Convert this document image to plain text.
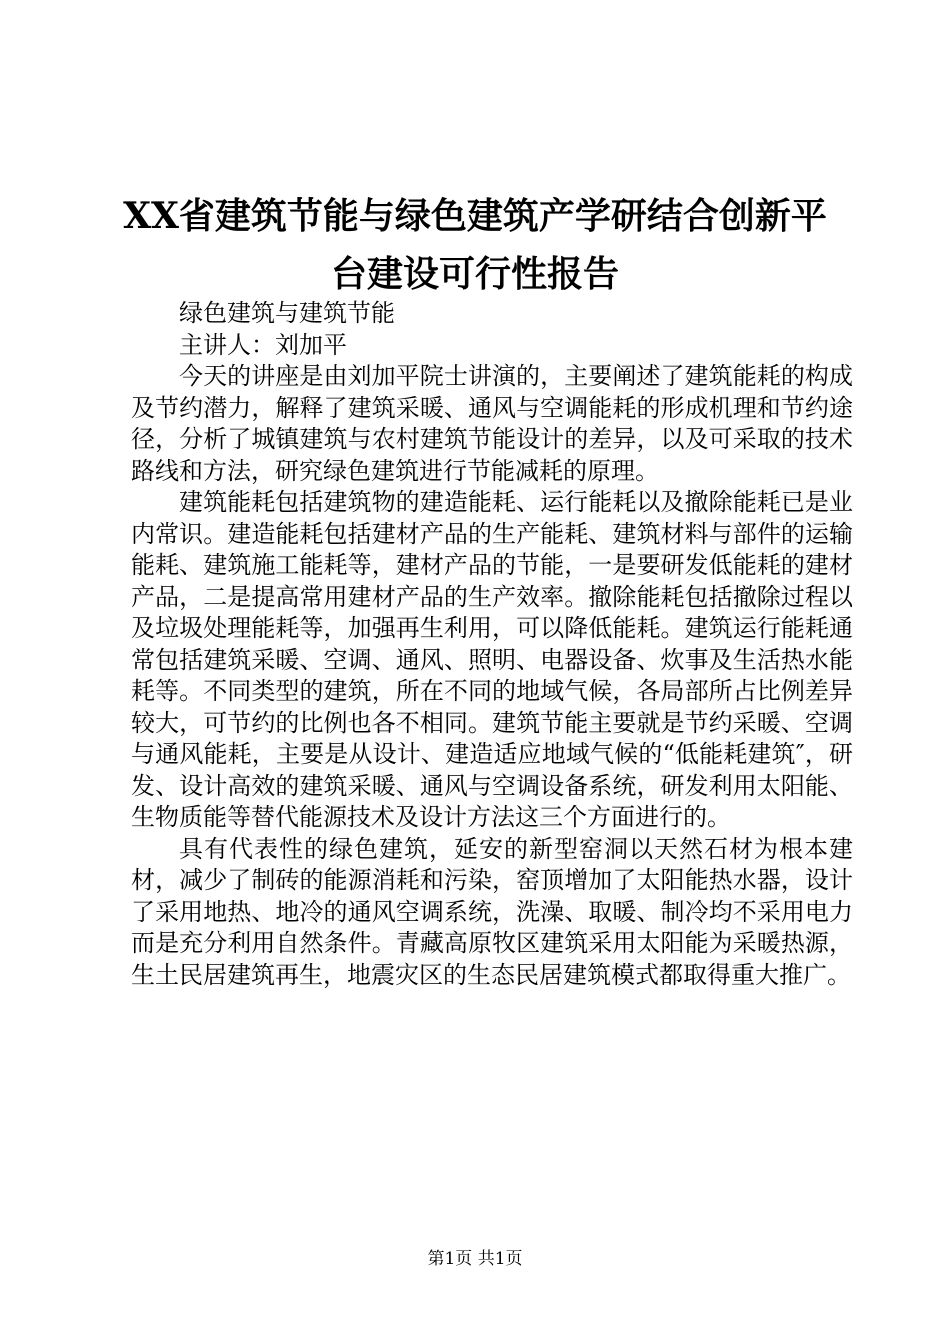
XX省建筑节能与绿色建筑产学研结合创新平
台建设可行性报告

绿色建筑与建筑节能

主讲人：刘加平

今天的讲座是由刘加平院士讲演的，主要阐述了建筑能耗的构成及节约潜力，解释了建筑采暖、通风与空调能耗的形成机理和节约途径，分析了城镇建筑与农村建筑节能设计的差异，以及可采取的技术路线和方法，研究绿色建筑进行节能减耗的原理。

建筑能耗包括建筑物的建造能耗、运行能耗以及撤除能耗已是业内常识。建造能耗包括建材产品的生产能耗、建筑材料与部件的运输能耗、建筑施工能耗等，建材产品的节能，一是要研发低能耗的建材产品，二是提高常用建材产品的生产效率。撤除能耗包括撤除过程以及垃圾处理能耗等，加强再生利用，可以降低能耗。建筑运行能耗通常包括建筑采暖、空调、通风、照明、电器设备、炊事及生活热水能耗等。不同类型的建筑，所在不同的地域气候，各局部所占比例差异较大，可节约的比例也各不相同。建筑节能主要就是节约采暖、空调与通风能耗，主要是从设计、建造适应地域气候的“低能耗建筑″，研发、设计高效的建筑采暖、通风与空调设备系统，研发利用太阳能、生物质能等替代能源技术及设计方法这三个方面进行的。

具有代表性的绿色建筑，延安的新型窑洞以天然石材为根本建材，减少了制砖的能源消耗和污染，窑顶增加了太阳能热水器，设计了采用地热、地冷的通风空调系统，洗澡、取暖、制冷均不采用电力而是充分利用自然条件。青藏高原牧区建筑采用太阳能为采暖热源，生土民居建筑再生，地震灾区的生态民居建筑模式都取得重大推广。

第1页 共1页
